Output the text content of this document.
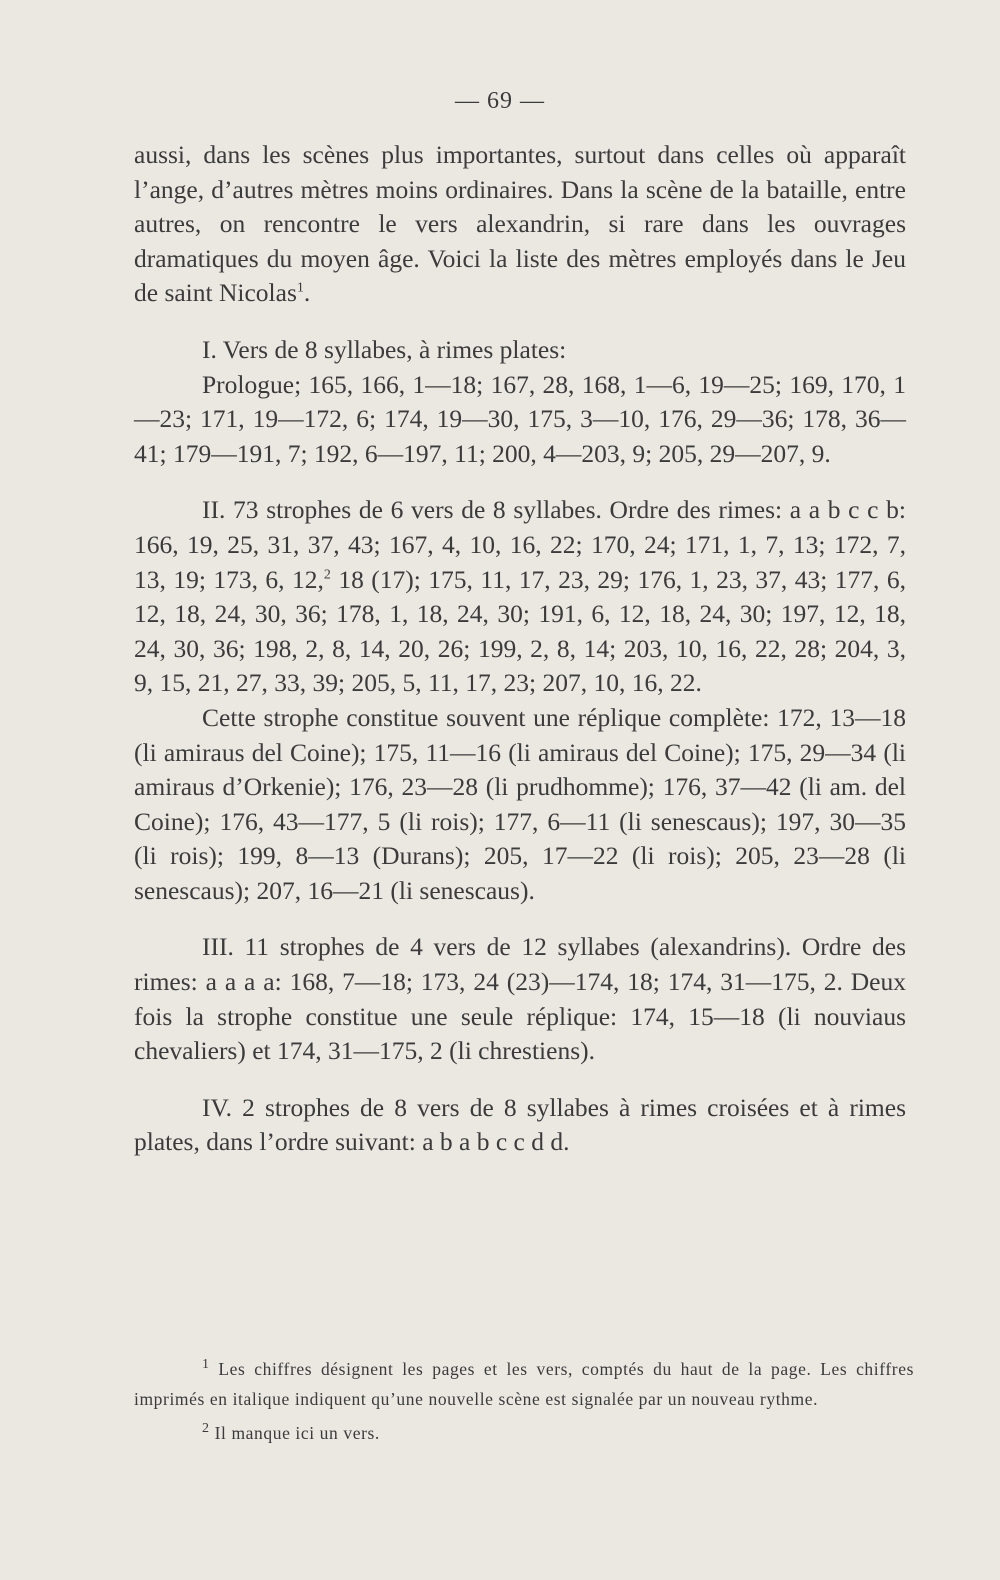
— 69 —

aussi, dans les scènes plus importantes, surtout dans celles où apparaît l’ange, d’autres mètres moins ordinaires. Dans la scène de la bataille, entre autres, on rencontre le vers alexandrin, si rare dans les ouvrages dramatiques du moyen âge. Voici la liste des mètres employés dans le Jeu de saint Nicolas$^1$.

I. Vers de 8 syllabes, à rimes plates:

Prologue; 165, 166, 1—18; 167, 28, 168, 1—6, 19—25; 169, 170, 1—23; 171, 19—172, 6; 174, 19—30, 175, 3—10, 176, 29—36; 178, 36—41; 179—191, 7; 192, 6—197, 11; 200, 4—203, 9; 205, 29—207, 9.

II. 73 strophes de 6 vers de 8 syllabes. Ordre des rimes: a a b c c b: 166, 19, 25, 31, 37, 43; 167, 4, 10, 16, 22; 170, 24; 171, 1, 7, 13; 172, 7, 13, 19; 173, 6, 12,$^2$ 18 (17); 175, 11, 17, 23, 29; 176, 1, 23, 37, 43; 177, 6, 12, 18, 24, 30, 36; 178, 1, 18, 24, 30; 191, 6, 12, 18, 24, 30; 197, 12, 18, 24, 30, 36; 198, 2, 8, 14, 20, 26; 199, 2, 8, 14; 203, 10, 16, 22, 28; 204, 3, 9, 15, 21, 27, 33, 39; 205, 5, 11, 17, 23; 207, 10, 16, 22.

Cette strophe constitue souvent une réplique complète: 172, 13—18 (li amiraus del Coine); 175, 11—16 (li amiraus del Coine); 175, 29—34 (li amiraus d’Orkenie); 176, 23—28 (li prudhomme); 176, 37—42 (li am. del Coine); 176, 43—177, 5 (li rois); 177, 6—11 (li senescaus); 197, 30—35 (li rois); 199, 8—13 (Durans); 205, 17—22 (li rois); 205, 23—28 (li senescaus); 207, 16—21 (li senescaus).

III. 11 strophes de 4 vers de 12 syllabes (alexandrins). Ordre des rimes: a a a a: 168, 7—18; 173, 24 (23)—174, 18; 174, 31—175, 2. Deux fois la strophe constitue une seule réplique: 174, 15—18 (li nouviaus chevaliers) et 174, 31—175, 2 (li chrestiens).

IV. 2 strophes de 8 vers de 8 syllabes à rimes croisées et à rimes plates, dans l’ordre suivant: a b a b c c d d.

$^1$ Les chiffres désignent les pages et les vers, comptés du haut de la page. Les chiffres imprimés en italique indiquent qu’une nouvelle scène est signalée par un nouveau rythme.

$^2$ Il manque ici un vers.
